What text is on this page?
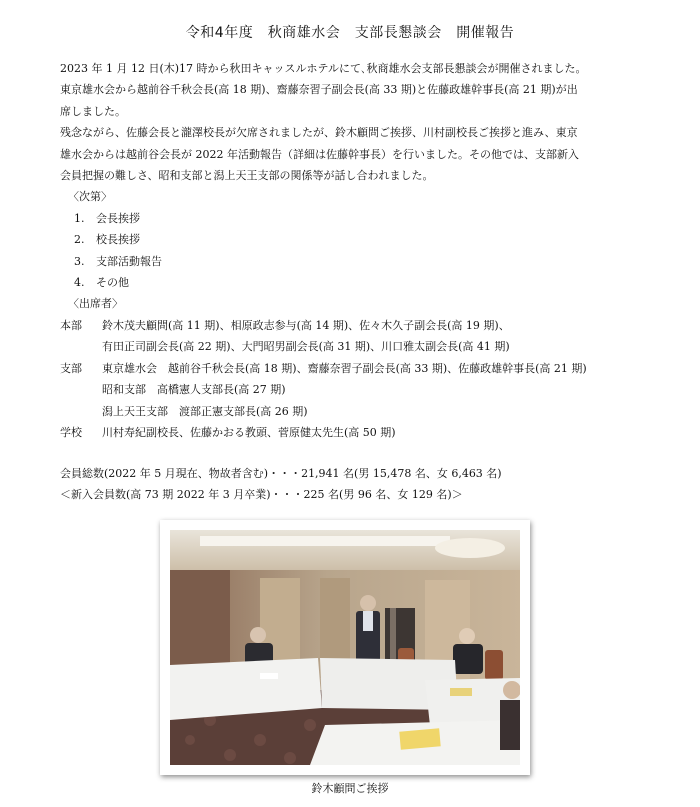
令和4年度　秋商雄水会　支部長懇談会　開催報告

2023 年 1 月 12 日(木)17 時から秋田キャッスルホテルにて､秋商雄水会支部長懇談会が開催されました。

東京雄水会から越前谷千秋会長(高 18 期)、齋藤奈習子副会長(高 33 期)と佐藤政雄幹事長(高 21 期)が出

席しました。

残念ながら、佐藤会長と瀧澤校長が欠席されましたが、鈴木顧問ご挨拶、川村副校長ご挨拶と進み、東京

雄水会からは越前谷会長が 2022 年活動報告（詳細は佐藤幹事長）を行いました。その他では、支部新入

会員把握の難しさ、昭和支部と潟上天王支部の関係等が話し合われました。

〈次第〉

1. 会長挨拶

2. 校長挨拶

3. 支部活動報告

4. その他

〈出席者〉

本部 鈴木茂夫顧問(高 11 期)、相原政志参与(高 14 期)、佐々木久子副会長(高 19 期)、

有田正司副会長(高 22 期)、大門昭男副会長(高 31 期)、川口雅太副会長(高 41 期)

支部 東京雄水会　越前谷千秋会長(高 18 期)、齋藤奈習子副会長(高 33 期)、佐藤政雄幹事長(高 21 期)

昭和支部　高橋憲人支部長(高 27 期)

潟上天王支部　渡部正憲支部長(高 26 期)

学校 川村寿紀副校長、佐藤かおる教頭、菅原健太先生(高 50 期)

会員総数(2022 年 5 月現在、物故者含む)・・・21,941 名(男 15,478 名、女 6,463 名)

＜新入会員数(高 73 期 2022 年 3 月卒業)・・・225 名(男 96 名、女 129 名)＞

鈴木顧問ご挨拶
